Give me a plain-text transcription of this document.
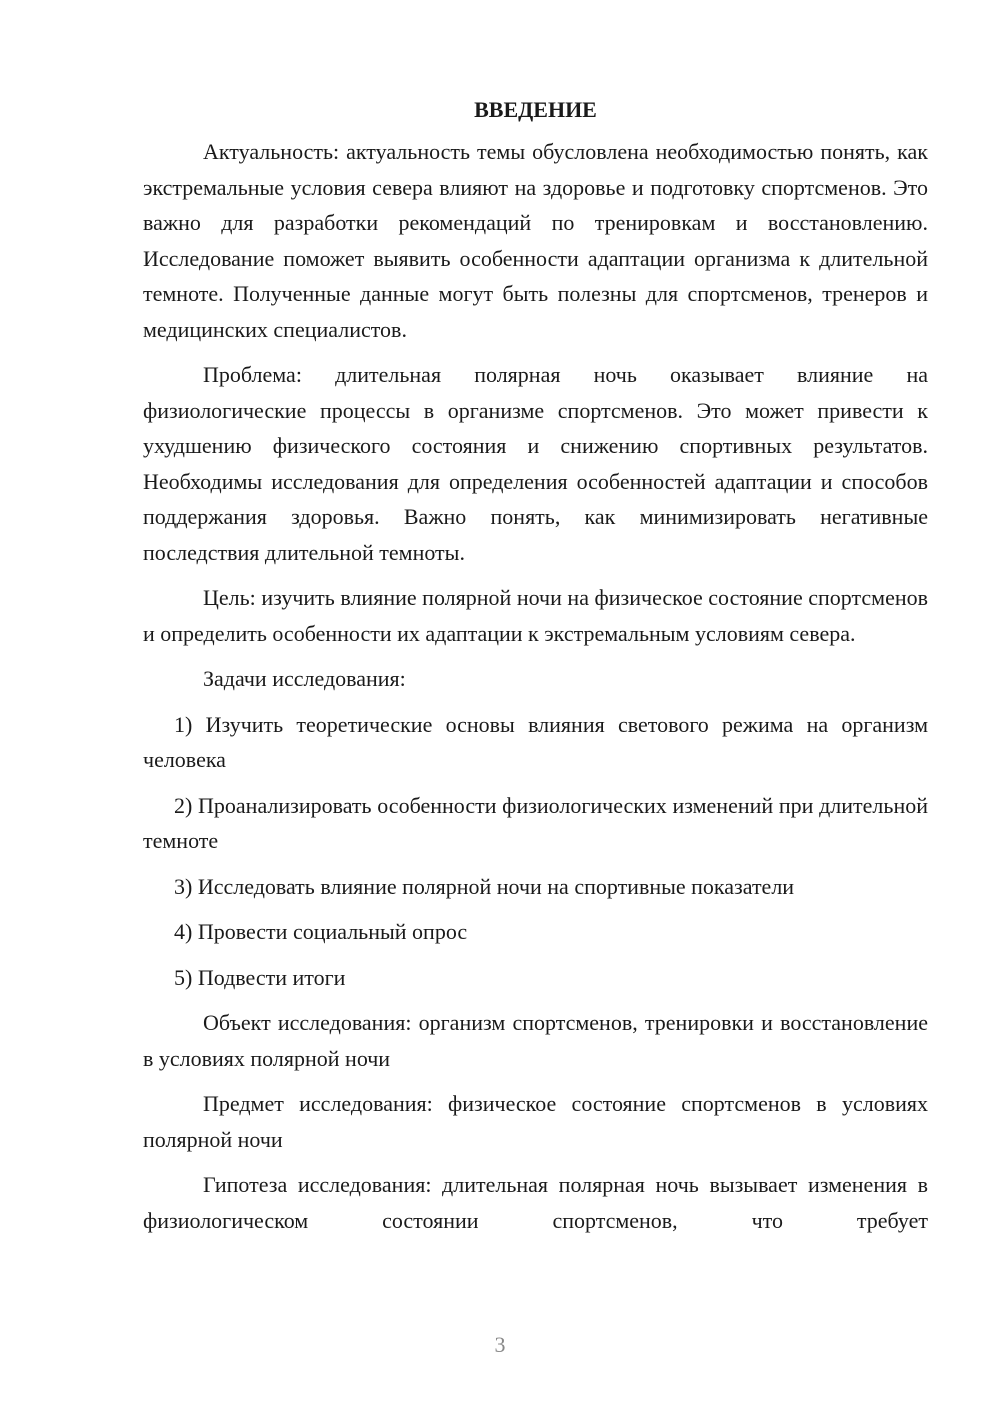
ВВЕДЕНИЕ

Актуальность: актуальность темы обусловлена необходимостью понять, как экстремальные условия севера влияют на здоровье и подготовку спортсменов. Это важно для разработки рекомендаций по тренировкам и восстановлению. Исследование поможет выявить особенности адаптации организма к длительной темноте. Полученные данные могут быть полезны для спортсменов, тренеров и медицинских специалистов.

Проблема: длительная полярная ночь оказывает влияние на физиологические процессы в организме спортсменов. Это может привести к ухудшению физического состояния и снижению спортивных результатов. Необходимы исследования для определения особенностей адаптации и способов поддержания здоровья. Важно понять, как минимизировать негативные последствия длительной темноты.

Цель: изучить влияние полярной ночи на физическое состояние спортсменов и определить особенности их адаптации к экстремальным условиям севера.

Задачи исследования:

1) Изучить теоретические основы влияния светового режима на организм человека

2) Проанализировать особенности физиологических изменений при длительной темноте

3) Исследовать влияние полярной ночи на спортивные показатели

4) Провести социальный опрос

5) Подвести итоги

Объект исследования: организм спортсменов, тренировки и восстановление в условиях полярной ночи

Предмет исследования: физическое состояние спортсменов в условиях полярной ночи

Гипотеза исследования: длительная полярная ночь вызывает изменения в физиологическом состоянии спортсменов, что требует

3
